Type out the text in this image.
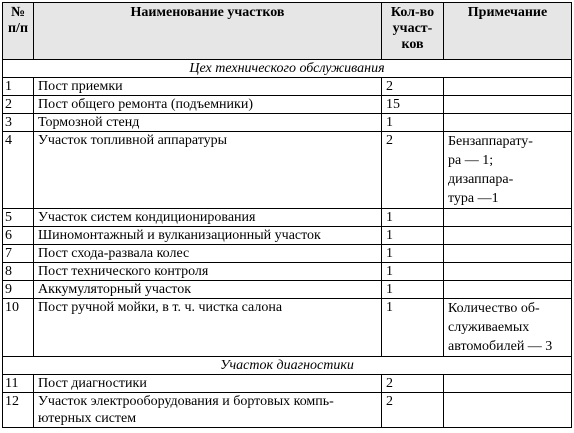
№
п/п	Наименование участков	Кол-во
участ-
ков	Примечание
Цех технического обслуживания			
1	Пост приемки	2	
2	Пост общего ремонта (подъемники)	15	
3	Тормозной стенд	1	
4	Участок топливной аппаратуры	2	Бензаппарату-
ра — 1;
дизаппара-
тура —1
5	Участок систем кондиционирования	1	
6	Шиномонтажный и вулканизационный участок	1	
7	Пост схода-развала колес	1	
8	Пост технического контроля	1	
9	Аккумуляторный участок	1	
10	Пост ручной мойки, в т. ч. чистка салона	1	Количество об-
служиваемых
автомобилей — 3
Участок диагностики			
11	Пост диагностики	2	
12	Участок электрооборудования и бортовых компь-
ютерных систем	2	
